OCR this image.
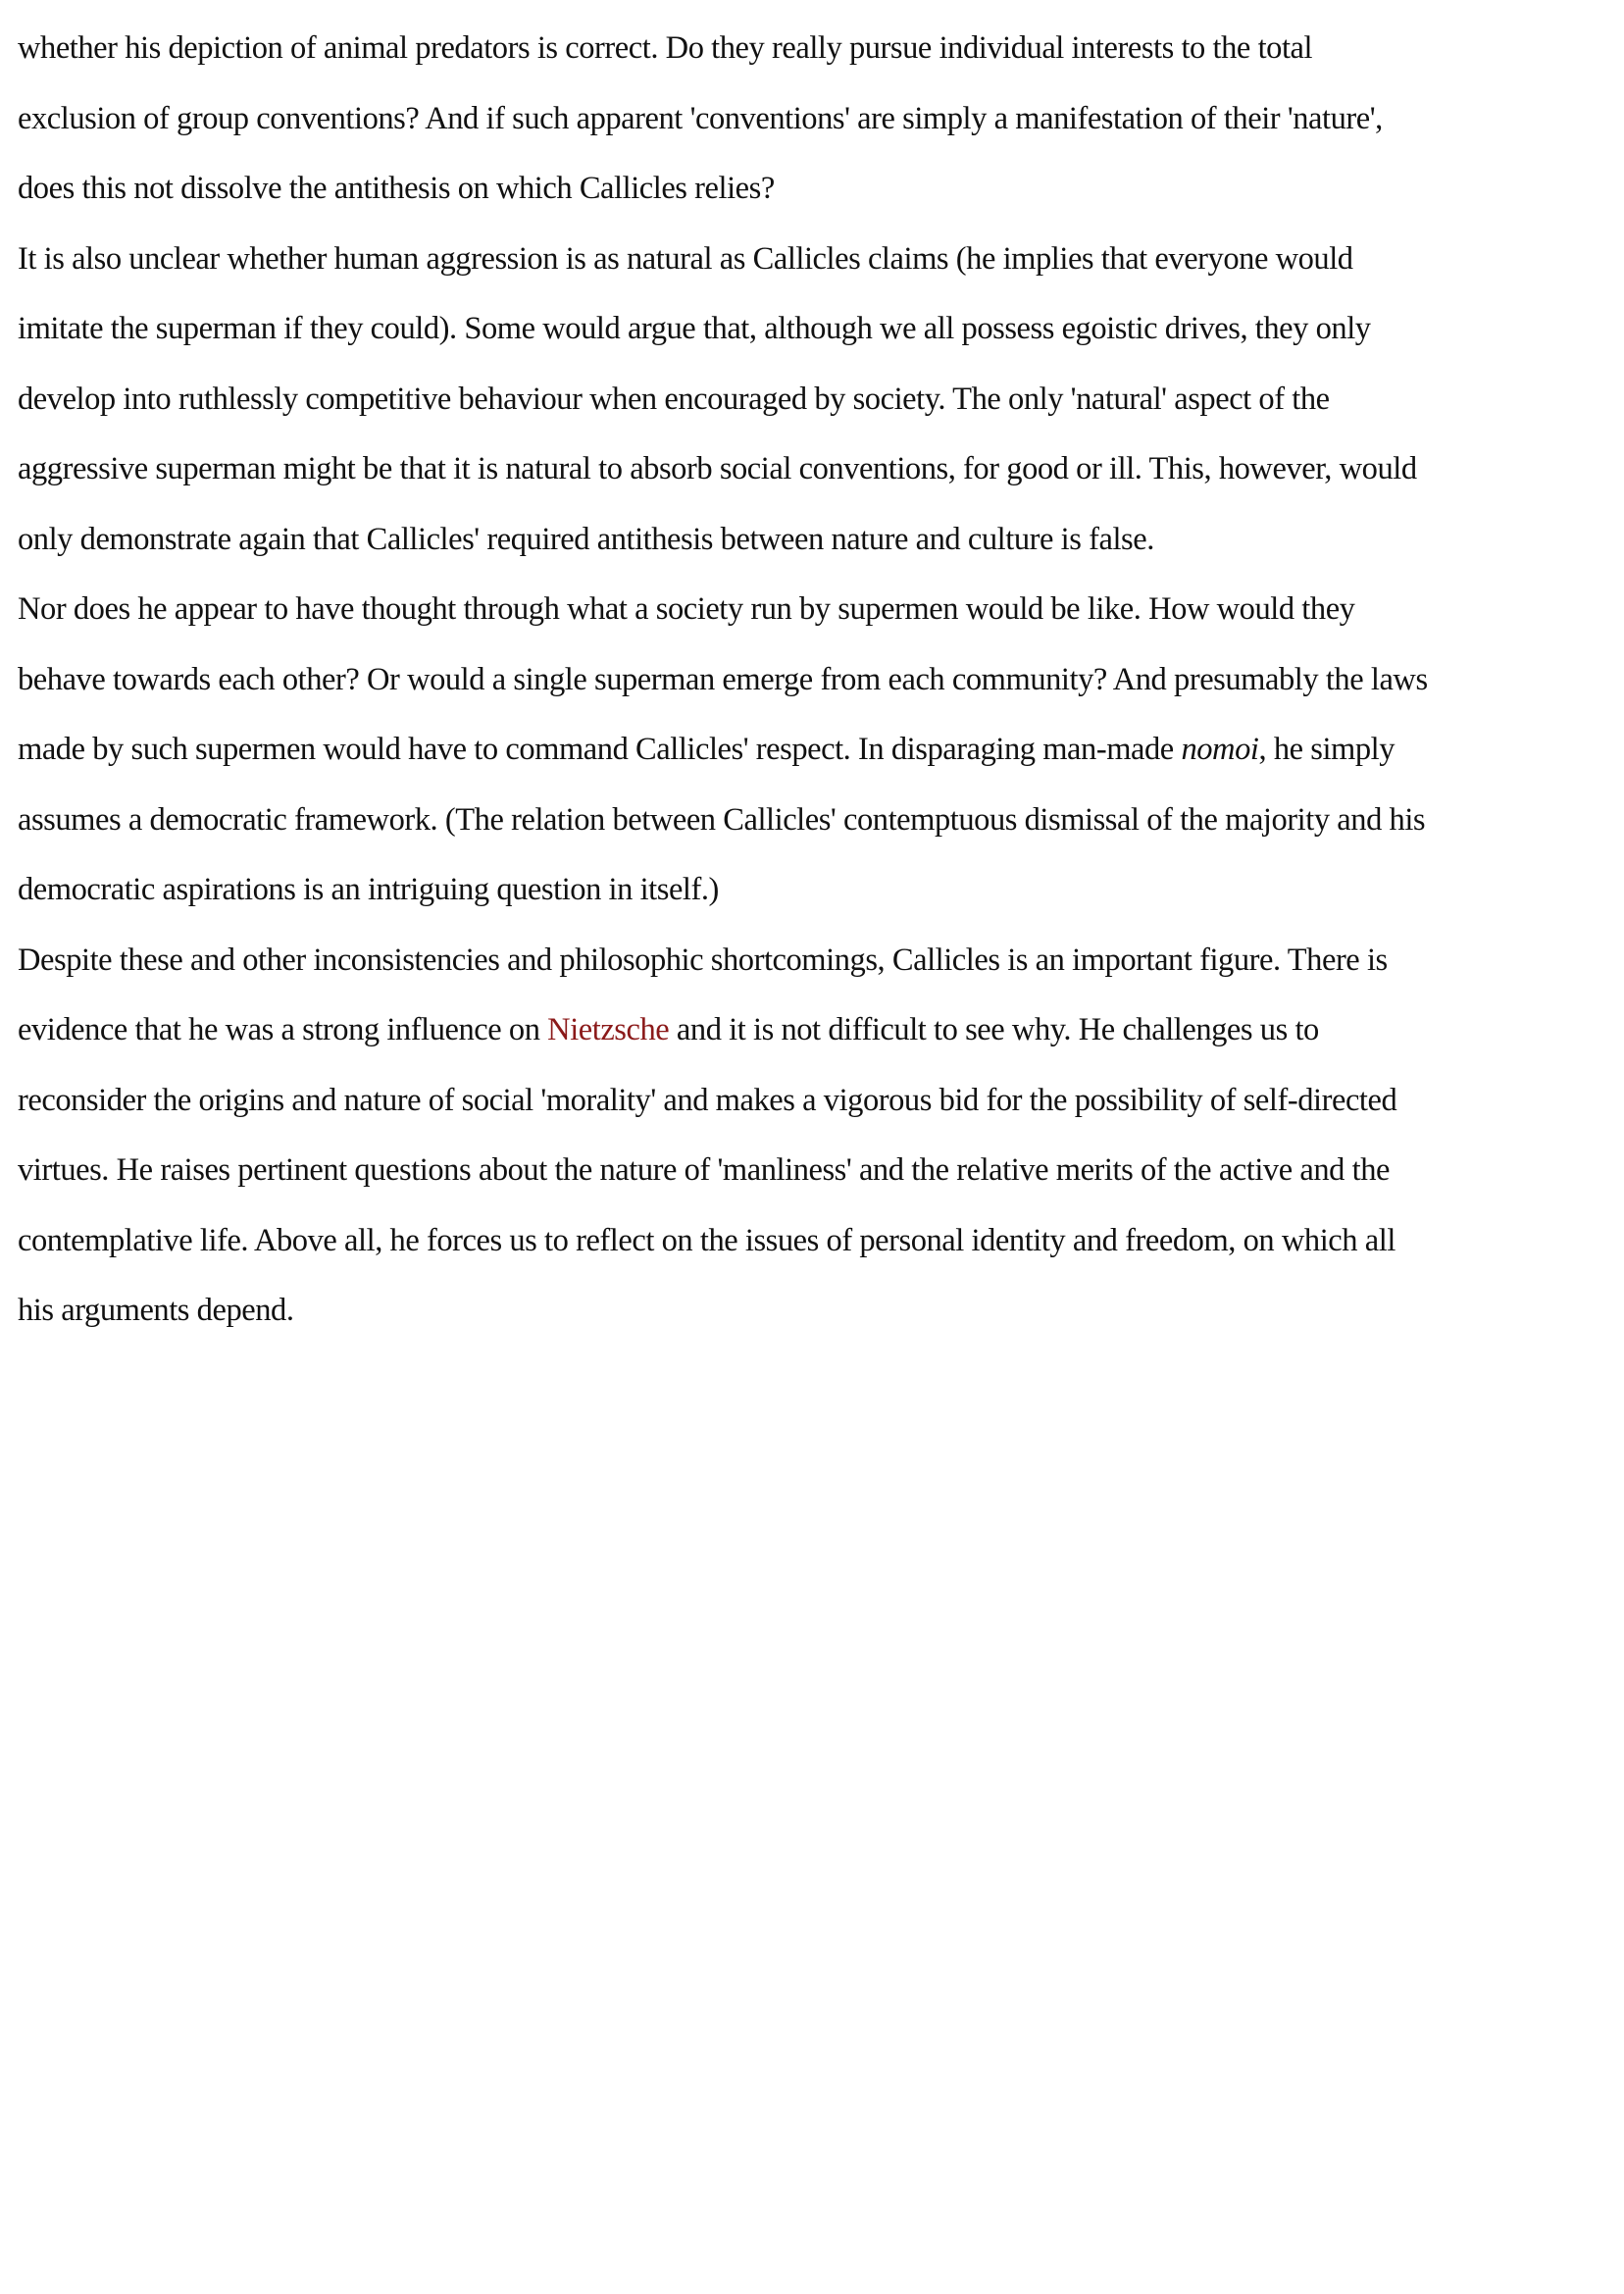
whether his depiction of animal predators is correct. Do they really pursue individual interests to the total
exclusion of group conventions? And if such apparent 'conventions' are simply a manifestation of their 'nature',
does this not dissolve the antithesis on which Callicles relies?

It is also unclear whether human aggression is as natural as Callicles claims (he implies that everyone would
imitate the superman if they could). Some would argue that, although we all possess egoistic drives, they only
develop into ruthlessly competitive behaviour when encouraged by society. The only 'natural' aspect of the
aggressive superman might be that it is natural to absorb social conventions, for good or ill. This, however, would
only demonstrate again that Callicles' required antithesis between nature and culture is false.

Nor does he appear to have thought through what a society run by supermen would be like. How would they
behave towards each other? Or would a single superman emerge from each community? And presumably the laws
made by such supermen would have to command Callicles' respect. In disparaging man-made nomoi, he simply
assumes a democratic framework. (The relation between Callicles' contemptuous dismissal of the majority and his
democratic aspirations is an intriguing question in itself.)

Despite these and other inconsistencies and philosophic shortcomings, Callicles is an important figure. There is
evidence that he was a strong influence on Nietzsche and it is not difficult to see why. He challenges us to
reconsider the origins and nature of social 'morality' and makes a vigorous bid for the possibility of self-directed
virtues. He raises pertinent questions about the nature of 'manliness' and the relative merits of the active and the
contemplative life. Above all, he forces us to reflect on the issues of personal identity and freedom, on which all
his arguments depend.
